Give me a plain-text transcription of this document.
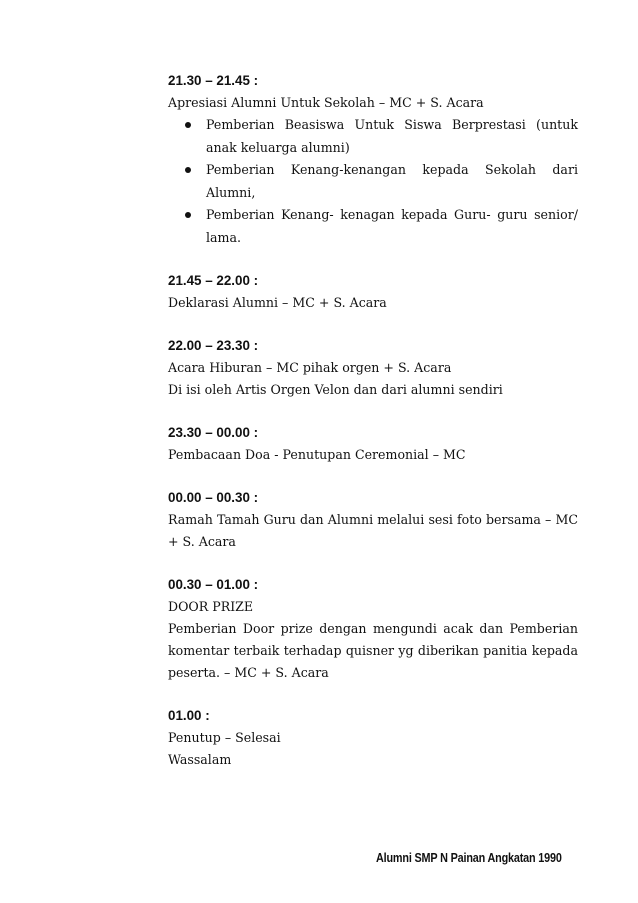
21.30 – 21.45 :

Apresiasi Alumni Untuk Sekolah – MC + S. Acara

Pemberian Beasiswa Untuk Siswa Berprestasi (untuk anak keluarga alumni)
Pemberian Kenang-kenangan kepada Sekolah dari Alumni,
Pemberian Kenang- kenagan kepada Guru- guru senior/ lama.

21.45 – 22.00 :

Deklarasi Alumni – MC + S. Acara

22.00 – 23.30 :

Acara Hiburan – MC pihak orgen + S. Acara

Di isi oleh Artis Orgen Velon dan dari alumni sendiri

23.30 – 00.00 :

Pembacaan Doa - Penutupan Ceremonial – MC

00.00 – 00.30 :

Ramah Tamah Guru dan Alumni melalui sesi foto bersama – MC + S. Acara

00.30 – 01.00 :

DOOR PRIZE

Pemberian Door prize dengan mengundi acak dan Pemberian komentar terbaik terhadap quisner yg diberikan panitia kepada peserta. – MC + S. Acara

01.00 :

Penutup – Selesai

Wassalam

Alumni SMP N Painan Angkatan 1990
